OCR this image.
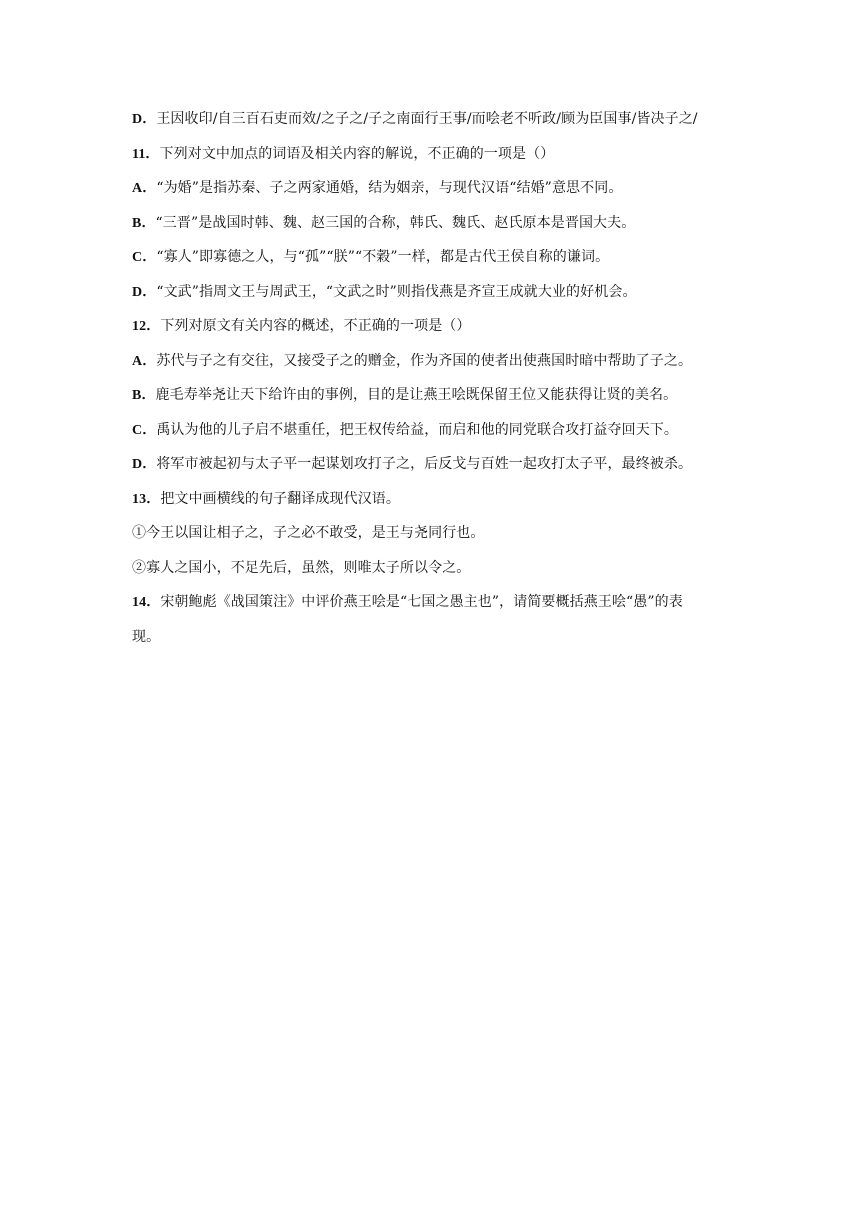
D．王因收印/自三百石吏而效/之子之/子之南面行王事/而哙老不听政/顾为臣国事/皆决子之/
11．下列对文中加点的词语及相关内容的解说，不正确的一项是（）
A．“为婚”是指苏秦、子之两家通婚，结为姻亲，与现代汉语“结婚”意思不同。
B．“三晋”是战国时韩、魏、赵三国的合称，韩氏、魏氏、赵氏原本是晋国大夫。
C．“寡人”即寡德之人，与“孤”“朕”“不穀”一样，都是古代王侯自称的谦词。
D．“文武”指周文王与周武王，“文武之时”则指伐燕是齐宣王成就大业的好机会。
12．下列对原文有关内容的概述，不正确的一项是（）
A．苏代与子之有交往，又接受子之的赠金，作为齐国的使者出使燕国时暗中帮助了子之。
B．鹿毛寿举尧让天下给许由的事例，目的是让燕王哙既保留王位又能获得让贤的美名。
C．禹认为他的儿子启不堪重任，把王权传给益，而启和他的同党联合攻打益夺回天下。
D．将军市被起初与太子平一起谋划攻打子之，后反戈与百姓一起攻打太子平，最终被杀。
13．把文中画横线的句子翻译成现代汉语。
①今王以国让相子之，子之必不敢受，是王与尧同行也。
②寡人之国小，不足先后，虽然，则唯太子所以令之。
14．宋朝鲍彪《战国策注》中评价燕王哙是“七国之愚主也”，请简要概括燕王哙“愚”的表
现。
